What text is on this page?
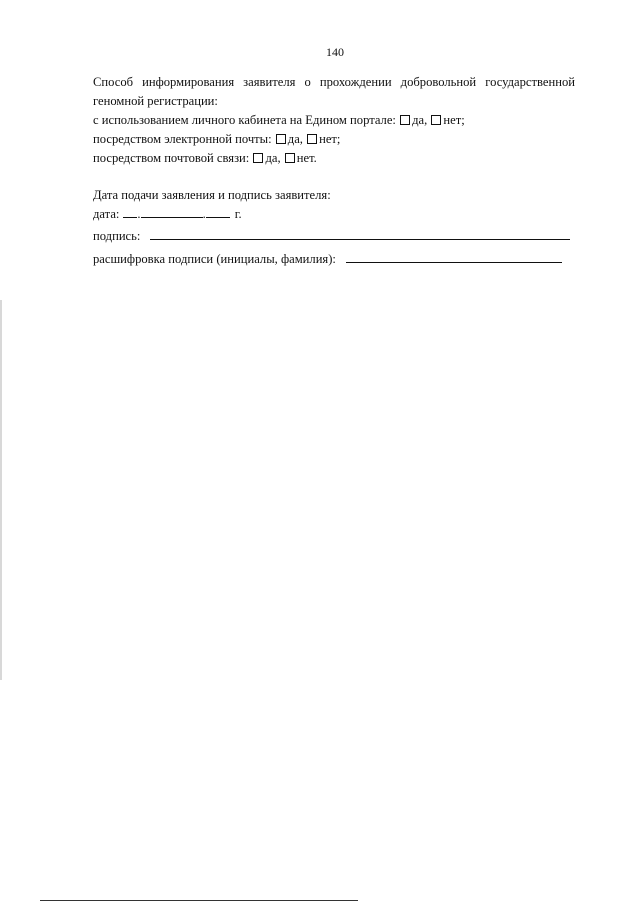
140
Способ информирования заявителя о прохождении добровольной государственной
геномной регистрации:
с использованием личного кабинета на Едином портале: да, нет;
посредством электронной почты: да, нет;
посредством почтовой связи: да, нет.
Дата подачи заявления и подпись заявителя:
дата: .	. г.
подпись:
расшифровка подписи (инициалы, фамилия):
